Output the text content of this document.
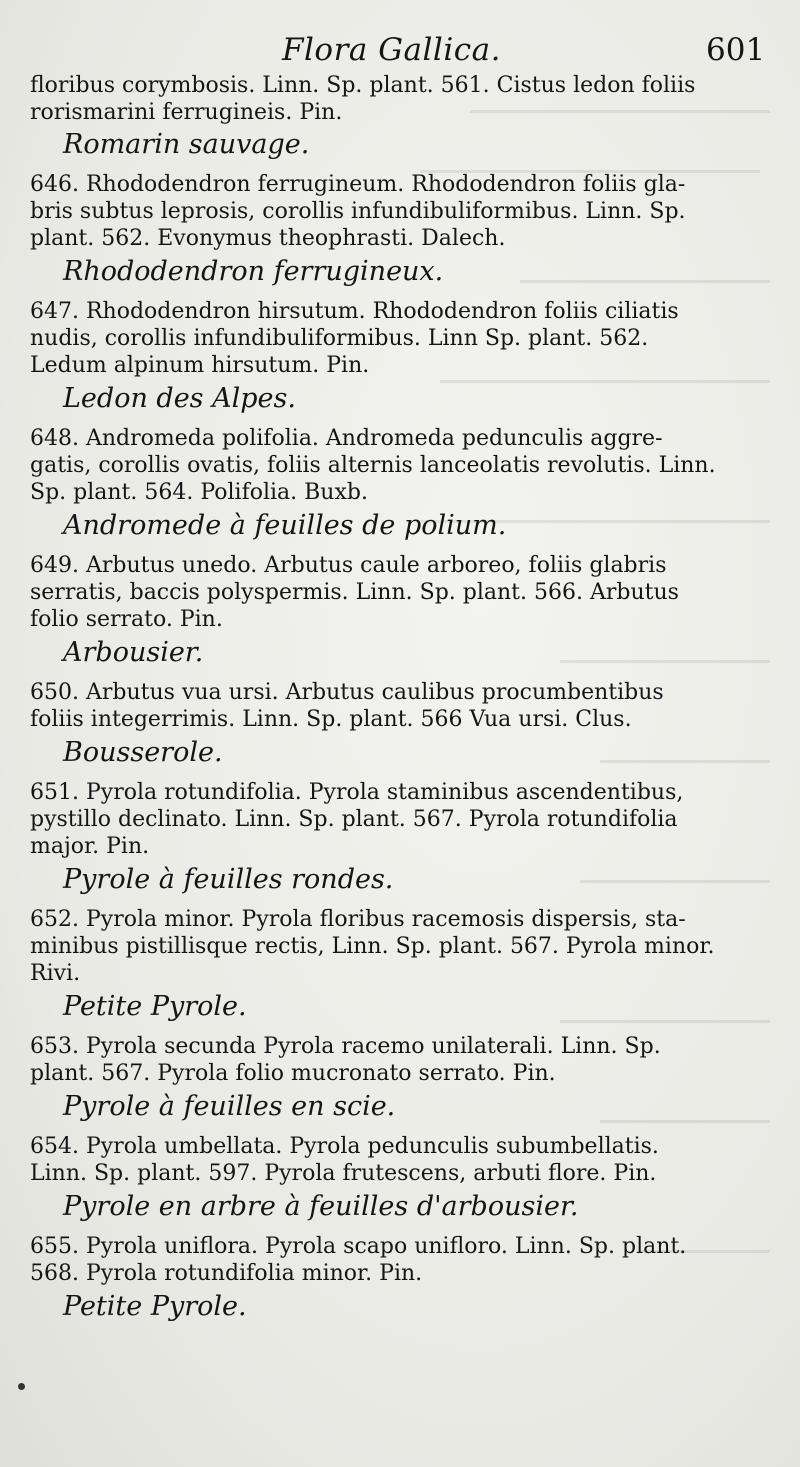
Flora Gallica.	601

floribus corymbosis. Linn. Sp. plant. 561. Cistus ledon foliis

rorismarini ferrugineis. Pin.

Romarin sauvage.

646. Rhododendron ferrugineum. Rhododendron foliis gla-

bris subtus leprosis, corollis infundibuliformibus. Linn. Sp.

plant. 562. Evonymus theophrasti. Dalech.

Rhododendron ferrugineux.

647. Rhododendron hirsutum. Rhododendron foliis ciliatis

nudis, corollis infundibuliformibus. Linn Sp. plant. 562.

Ledum alpinum hirsutum. Pin.

Ledon des Alpes.

648. Andromeda polifolia. Andromeda pedunculis aggre-

gatis, corollis ovatis, foliis alternis lanceolatis revolutis. Linn.

Sp. plant. 564. Polifolia. Buxb.

Andromede à feuilles de polium.

649. Arbutus unedo. Arbutus caule arboreo, foliis glabris

serratis, baccis polyspermis. Linn. Sp. plant. 566. Arbutus

folio serrato. Pin.

Arbousier.

650. Arbutus vua ursi. Arbutus caulibus procumbentibus

foliis integerrimis. Linn. Sp. plant. 566 Vua ursi. Clus.

Bousserole.

651. Pyrola rotundifolia. Pyrola staminibus ascendentibus,

pystillo declinato. Linn. Sp. plant. 567. Pyrola rotundifolia

major. Pin.

Pyrole à feuilles rondes.

652. Pyrola minor. Pyrola floribus racemosis dispersis, sta-

minibus pistillisque rectis, Linn. Sp. plant. 567. Pyrola minor.

Rivi.

Petite Pyrole.

653. Pyrola secunda Pyrola racemo unilaterali. Linn. Sp.

plant. 567. Pyrola folio mucronato serrato. Pin.

Pyrole à feuilles en scie.

654. Pyrola umbellata. Pyrola pedunculis subumbellatis.

Linn. Sp. plant. 597. Pyrola frutescens, arbuti flore. Pin.

Pyrole en arbre à feuilles d'arbousier.

655. Pyrola uniflora. Pyrola scapo unifloro. Linn. Sp. plant.

568. Pyrola rotundifolia minor. Pin.

Petite Pyrole.
